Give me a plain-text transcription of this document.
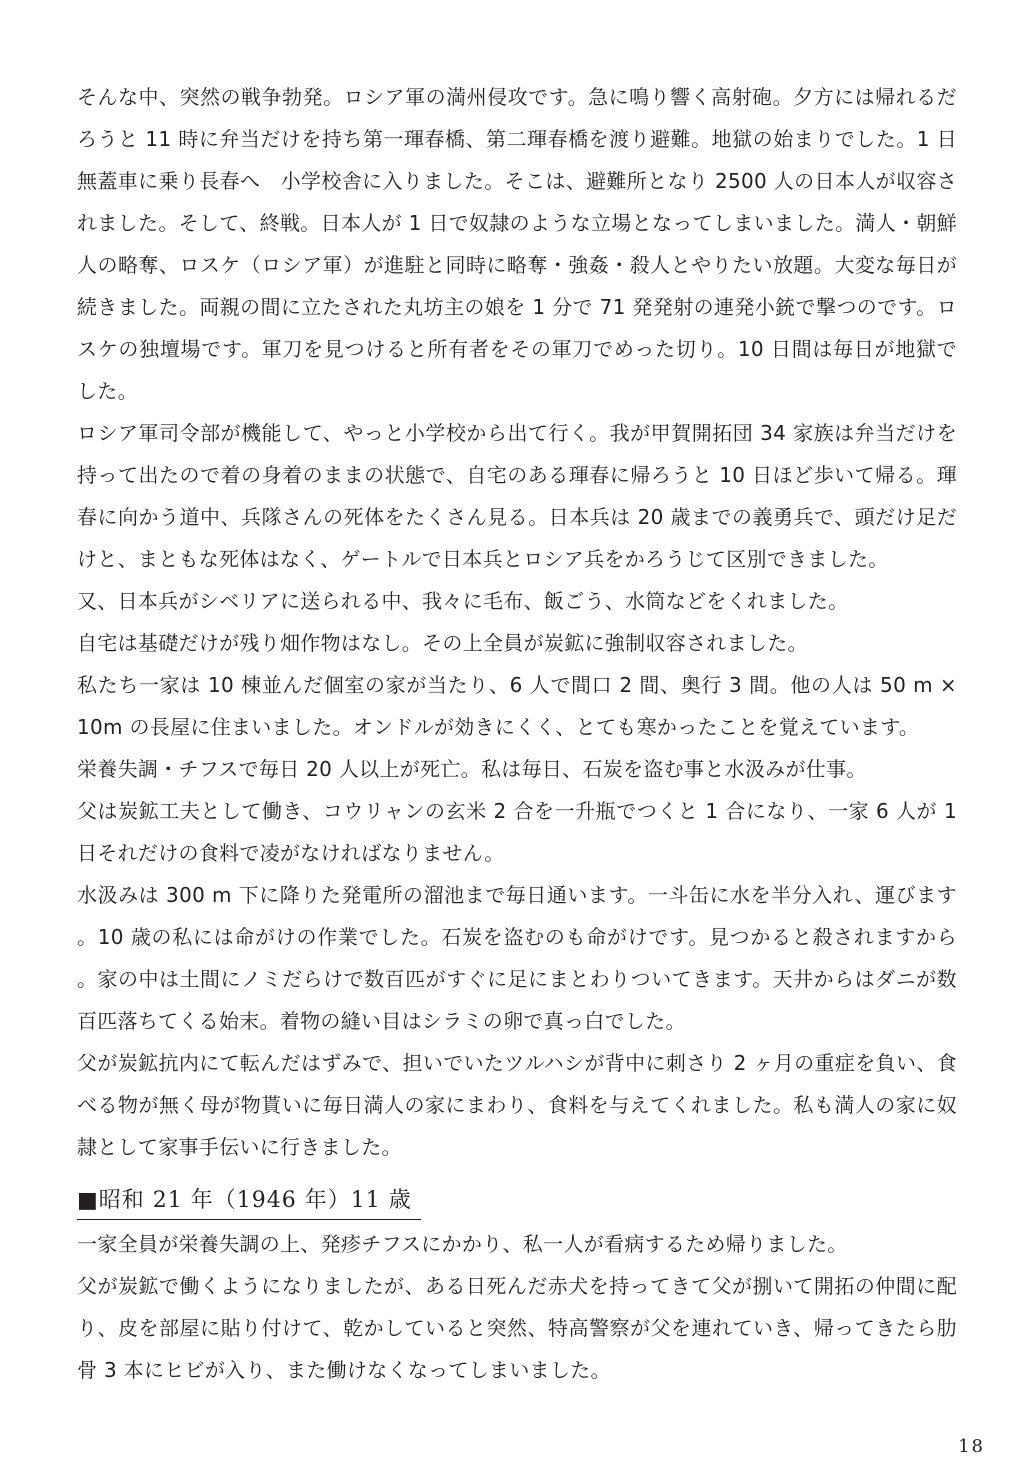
そんな中、突然の戦争勃発。ロシア軍の満州侵攻です。急に鳴り響く高射砲。夕方には帰れるだろうと 11 時に弁当だけを持ち第一琿春橋、第二琿春橋を渡り避難。地獄の始まりでした。1 日無蓋車に乗り長春へ　小学校舎に入りました。そこは、避難所となり 2500 人の日本人が収容されました。そして、終戦。日本人が 1 日で奴隷のような立場となってしまいました。満人・朝鮮人の略奪、ロスケ（ロシア軍）が進駐と同時に略奪・強姦・殺人とやりたい放題。大変な毎日が続きました。両親の間に立たされた丸坊主の娘を 1 分で 71 発発射の連発小銃で撃つのです。ロスケの独壇場です。軍刀を見つけると所有者をその軍刀でめった切り。10 日間は毎日が地獄でした。

ロシア軍司令部が機能して、やっと小学校から出て行く。我が甲賀開拓団 34 家族は弁当だけを持って出たので着の身着のままの状態で、自宅のある琿春に帰ろうと 10 日ほど歩いて帰る。琿春に向かう道中、兵隊さんの死体をたくさん見る。日本兵は 20 歳までの義勇兵で、頭だけ足だけと、まともな死体はなく、ゲートルで日本兵とロシア兵をかろうじて区別できました。

又、日本兵がシベリアに送られる中、我々に毛布、飯ごう、水筒などをくれました。

自宅は基礎だけが残り畑作物はなし。その上全員が炭鉱に強制収容されました。

私たち一家は 10 棟並んだ個室の家が当たり、6 人で間口 2 間、奥行 3 間。他の人は 50 m × 10m の長屋に住まいました。オンドルが効きにくく、とても寒かったことを覚えています。

栄養失調・チフスで毎日 20 人以上が死亡。私は毎日、石炭を盗む事と水汲みが仕事。

父は炭鉱工夫として働き、コウリャンの玄米 2 合を一升瓶でつくと 1 合になり、一家 6 人が 1 日それだけの食料で凌がなければなりません。

水汲みは 300 m 下に降りた発電所の溜池まで毎日通います。一斗缶に水を半分入れ、運びます。10 歳の私には命がけの作業でした。石炭を盗むのも命がけです。見つかると殺されますから。家の中は土間にノミだらけで数百匹がすぐに足にまとわりついてきます。天井からはダニが数百匹落ちてくる始末。着物の縫い目はシラミの卵で真っ白でした。

父が炭鉱抗内にて転んだはずみで、担いでいたツルハシが背中に刺さり 2 ヶ月の重症を負い、食べる物が無く母が物貰いに毎日満人の家にまわり、食料を与えてくれました。私も満人の家に奴隷として家事手伝いに行きました。

■昭和 21 年（1946 年）11 歳

一家全員が栄養失調の上、発疹チフスにかかり、私一人が看病するため帰りました。

父が炭鉱で働くようになりましたが、ある日死んだ赤犬を持ってきて父が捌いて開拓の仲間に配り、皮を部屋に貼り付けて、乾かしていると突然、特高警察が父を連れていき、帰ってきたら肋骨 3 本にヒビが入り、また働けなくなってしまいました。

18
